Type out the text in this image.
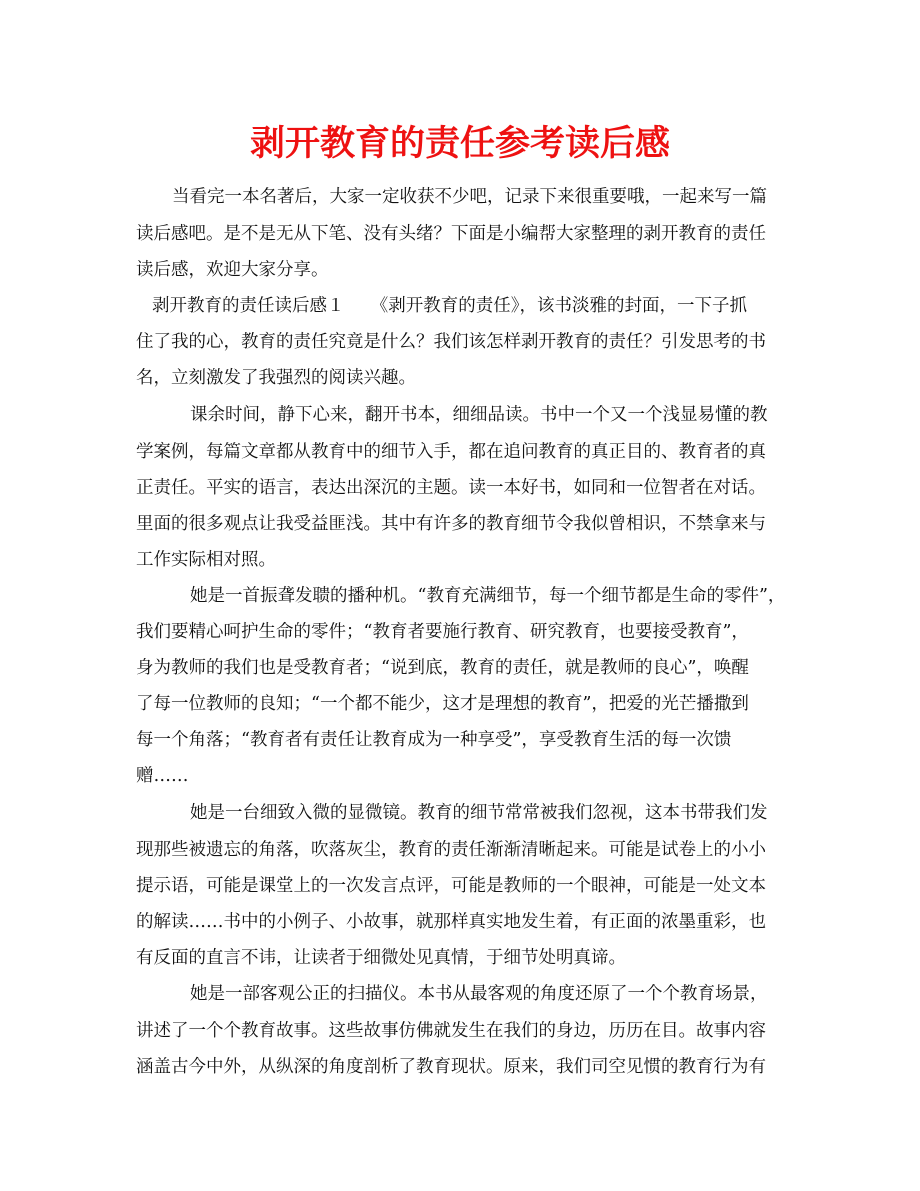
剥开教育的责任参考读后感
当看完一本名著后，大家一定收获不少吧，记录下来很重要哦，一起来写一篇
读后感吧。是不是无从下笔、没有头绪？下面是小编帮大家整理的剥开教育的责任
读后感，欢迎大家分享。
剥开教育的责任读后感１　　《剥开教育的责任》，该书淡雅的封面，一下子抓
住了我的心，教育的责任究竟是什么？我们该怎样剥开教育的责任？引发思考的书
名，立刻激发了我强烈的阅读兴趣。
课余时间，静下心来，翻开书本，细细品读。书中一个又一个浅显易懂的教
学案例，每篇文章都从教育中的细节入手，都在追问教育的真正目的、教育者的真
正责任。平实的语言，表达出深沉的主题。读一本好书，如同和一位智者在对话。
里面的很多观点让我受益匪浅。其中有许多的教育细节令我似曾相识，不禁拿来与
工作实际相对照。
她是一首振聋发聩的播种机。“教育充满细节，每一个细节都是生命的零件”，
我们要精心呵护生命的零件；“教育者要施行教育、研究教育，也要接受教育”，
身为教师的我们也是受教育者；“说到底，教育的责任，就是教师的良心”，唤醒
了每一位教师的良知；“一个都不能少，这才是理想的教育”，把爱的光芒播撒到
每一个角落；“教育者有责任让教育成为一种享受”，享受教育生活的每一次馈
赠……
她是一台细致入微的显微镜。教育的细节常常被我们忽视，这本书带我们发
现那些被遗忘的角落，吹落灰尘，教育的责任渐渐清晰起来。可能是试卷上的小小
提示语，可能是课堂上的一次发言点评，可能是教师的一个眼神，可能是一处文本
的解读……书中的小例子、小故事，就那样真实地发生着，有正面的浓墨重彩，也
有反面的直言不讳，让读者于细微处见真情，于细节处明真谛。
她是一部客观公正的扫描仪。本书从最客观的角度还原了一个个教育场景，
讲述了一个个教育故事。这些故事仿佛就发生在我们的身边，历历在目。故事内容
涵盖古今中外，从纵深的角度剖析了教育现状。原来，我们司空见惯的教育行为有
